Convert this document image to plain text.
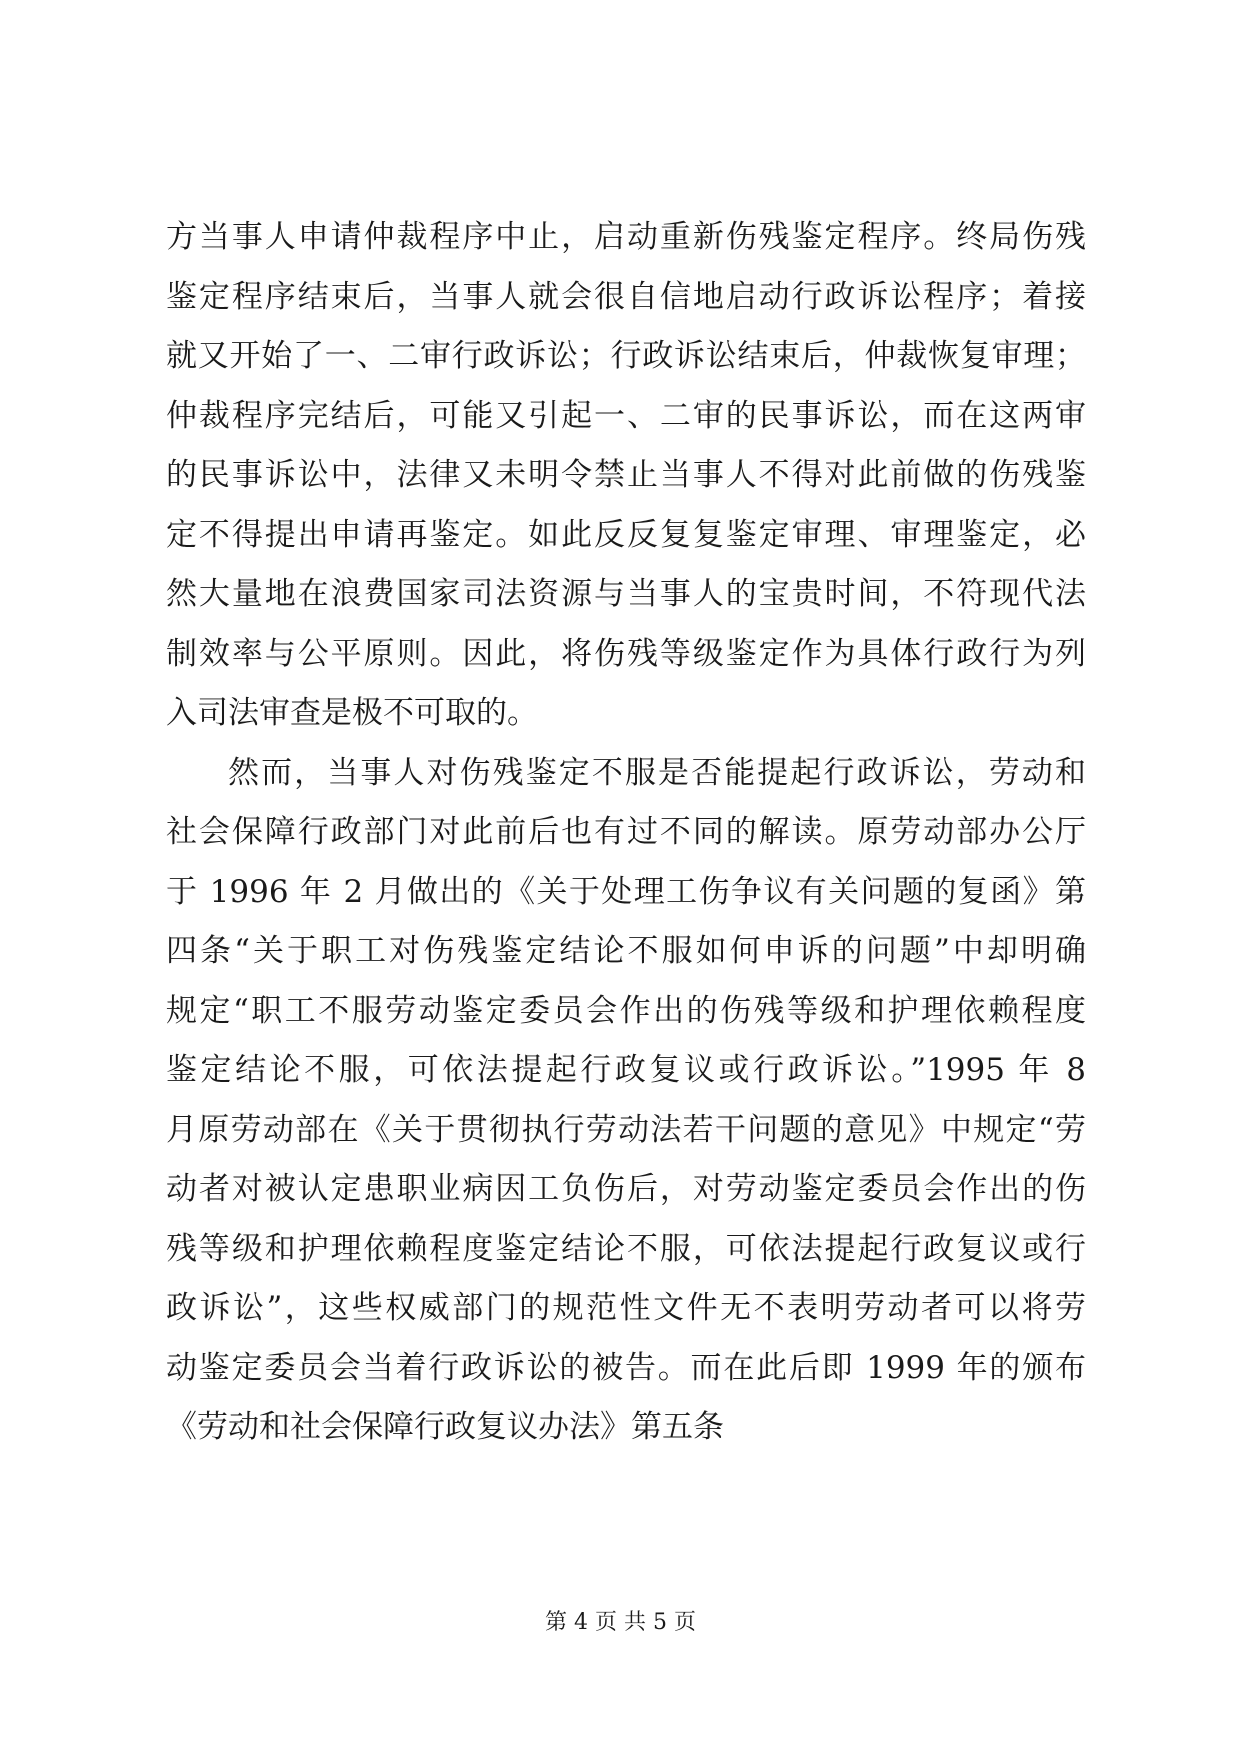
方当事人申请仲裁程序中止，启动重新伤残鉴定程序。终局伤残
鉴定程序结束后，当事人就会很自信地启动行政诉讼程序；着接
就又开始了一、二审行政诉讼；行政诉讼结束后，仲裁恢复审理；
仲裁程序完结后，可能又引起一、二审的民事诉讼，而在这两审
的民事诉讼中，法律又未明令禁止当事人不得对此前做的伤残鉴
定不得提出申请再鉴定。如此反反复复鉴定审理、审理鉴定，必
然大量地在浪费国家司法资源与当事人的宝贵时间，不符现代法
制效率与公平原则。因此，将伤残等级鉴定作为具体行政行为列
入司法审查是极不可取的。
然而，当事人对伤残鉴定不服是否能提起行政诉讼，劳动和
社会保障行政部门对此前后也有过不同的解读。原劳动部办公厅
于 1996 年 2 月做出的《关于处理工伤争议有关问题的复函》第
四条“关于职工对伤残鉴定结论不服如何申诉的问题”中却明确
规定“职工不服劳动鉴定委员会作出的伤残等级和护理依赖程度
鉴定结论不服，可依法提起行政复议或行政诉讼。”1995 年 8
月原劳动部在《关于贯彻执行劳动法若干问题的意见》中规定“劳
动者对被认定患职业病因工负伤后，对劳动鉴定委员会作出的伤
残等级和护理依赖程度鉴定结论不服，可依法提起行政复议或行
政诉讼”，这些权威部门的规范性文件无不表明劳动者可以将劳
动鉴定委员会当着行政诉讼的被告。而在此后即 1999 年的颁布
《劳动和社会保障行政复议办法》第五条
第 4 页 共 5 页
